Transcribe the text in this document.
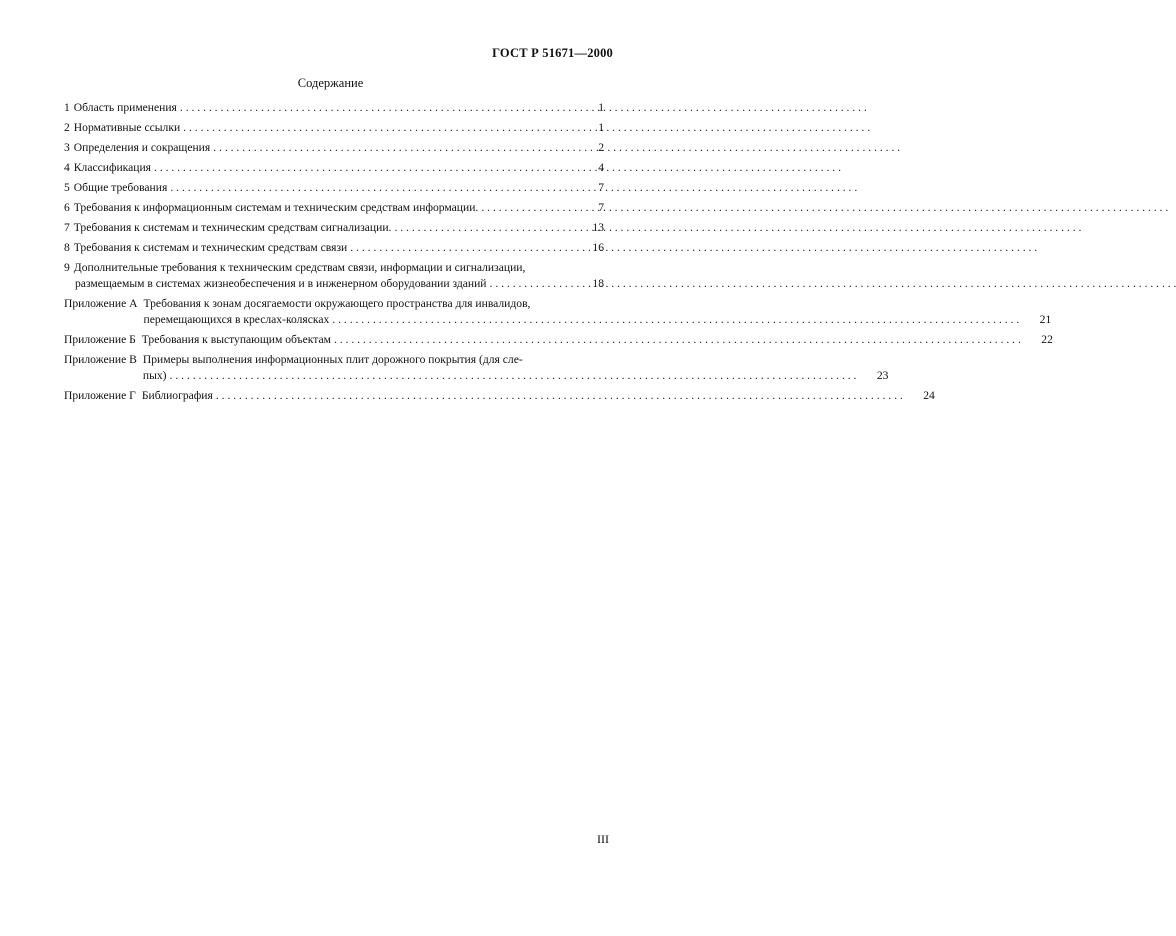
ГОСТ Р 51671—2000
Содержание
1 Область применения . . .	1
2 Нормативные ссылки . . .	1
3 Определения и сокращения . . .	2
4 Классификация . . .	4
5 Общие требования . . .	7
6 Требования к информационным системам и техническим средствам информации. . . .	7
7 Требования к системам и техническим средствам сигнализации. . . .	13
8 Требования к системам и техническим средствам связи . . .	16
9 Дополнительные требования к техническим средствам связи, информации и сигнализации,
размещаемым в системах жизнеобеспечения и в инженерном оборудовании зданий . . .	18
Приложение А Требования к зонам досягаемости окружающего пространства для инвалидов,
перемещающихся в креслах-колясках . . .	21
Приложение Б Требования к выступающим объектам . . .	22
Приложение В Примеры выполнения информационных плит дорожного покрытия (для сле-
пых) . . .	23
Приложение Г Библиография . . .	24
III
